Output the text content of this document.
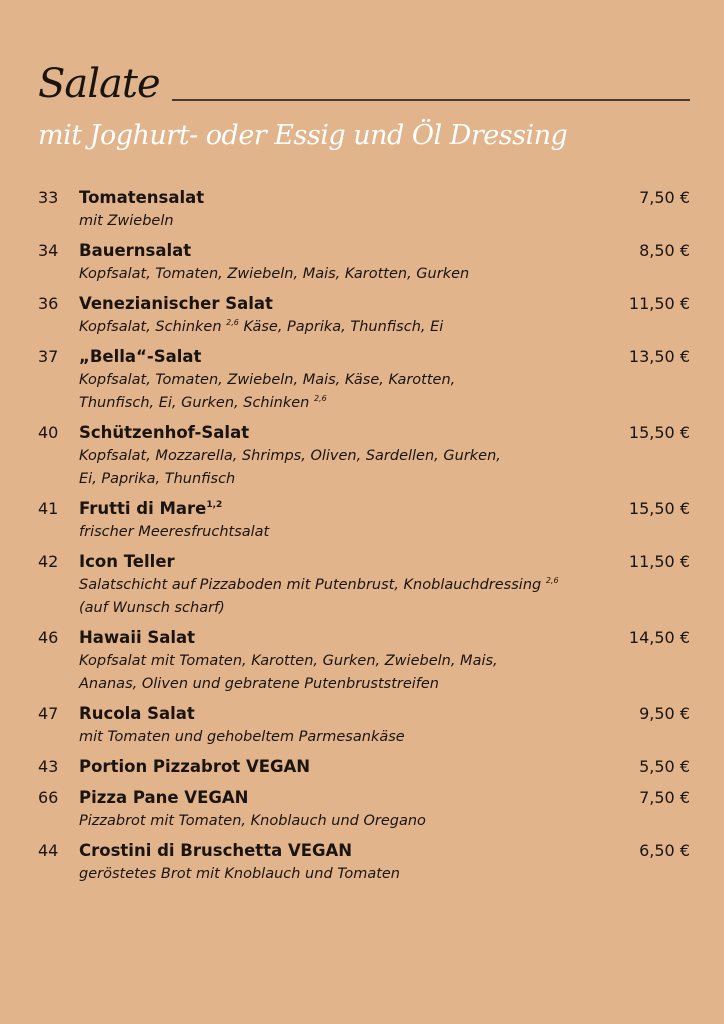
Salate
mit Joghurt- oder Essig und Öl Dressing
33 Tomatensalat	7,50 €
mit Zwiebeln
34 Bauernsalat	8,50 €
Kopfsalat, Tomaten, Zwiebeln, Mais, Karotten, Gurken
36 Venezianischer Salat	11,50 €
Kopfsalat, Schinken $^{2,6}$ Käse, Paprika, Thunfisch, Ei
37 „Bella“-Salat	13,50 €
Kopfsalat, Tomaten, Zwiebeln, Mais, Käse, Karotten,
Thunfisch, Ei, Gurken, Schinken $^{2,6}$
40 Schützenhof-Salat	15,50 €
Kopfsalat, Mozzarella, Shrimps, Oliven, Sardellen, Gurken,
Ei, Paprika, Thunfisch
41 Frutti di Mare$^{1,2}$	15,50 €
frischer Meeresfruchtsalat
42 Icon Teller	11,50 €
Salatschicht auf Pizzaboden mit Putenbrust, Knoblauchdressing $^{2,6}$
(auf Wunsch scharf)
46 Hawaii Salat	14,50 €
Kopfsalat mit Tomaten, Karotten, Gurken, Zwiebeln, Mais,
Ananas, Oliven und gebratene Putenbruststreifen
47 Rucola Salat	9,50 €
mit Tomaten und gehobeltem Parmesankäse
43 Portion Pizzabrot VEGAN	5,50 €
66 Pizza Pane VEGAN	7,50 €
Pizzabrot mit Tomaten, Knoblauch und Oregano
44 Crostini di Bruschetta VEGAN	6,50 €
geröstetes Brot mit Knoblauch und Tomaten
